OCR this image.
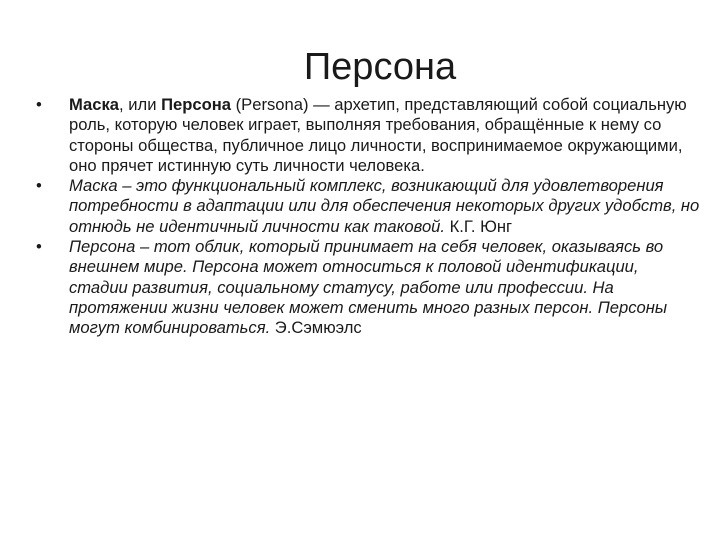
Персона
•	Маска, или Персона (Persona) — архетип, представляющий собой социальную роль, которую человек играет, выполняя требования, обращённые к нему со стороны общества, публичное лицо личности, воспринимаемое окружающими, оно прячет истинную суть личности человека.
•	Маска – это функциональный комплекс, возникающий для удовлетворения потребности в адаптации или для обеспечения некоторых других удобств, но отнюдь не идентичный личности как таковой. К.Г. Юнг
•	Персона – тот облик, который принимает на себя человек, оказываясь во внешнем мире. Персона может относиться к половой идентификации, стадии развития, социальному статусу, работе или профессии. На протяжении жизни человек может сменить много разных персон. Персоны могут комбинироваться. Э.Сэмюэлс
